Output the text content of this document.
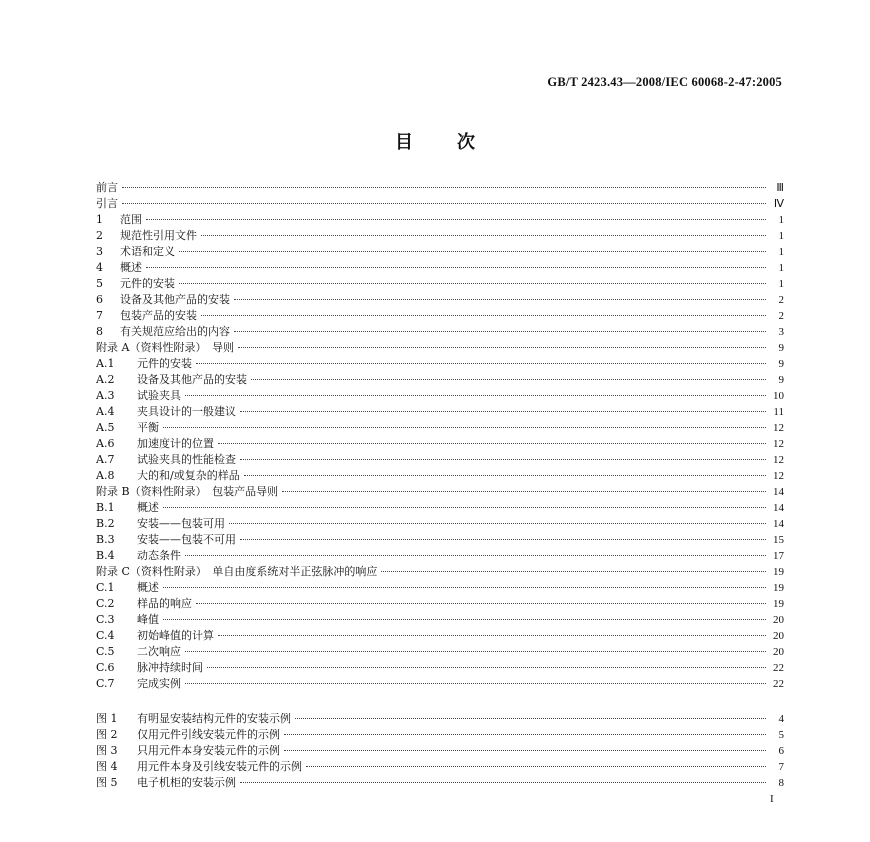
GB/T 2423.43—2008/IEC 60068-2-47:2005
目次
前言	Ⅲ
引言	Ⅳ
1	范围	1
2	规范性引用文件	1
3	术语和定义	1
4	概述	1
5	元件的安装	1
6	设备及其他产品的安装	2
7	包装产品的安装	2
8	有关规范应给出的内容	3
附录 A（资料性附录）　导则	9
A.1	元件的安装	9
A.2	设备及其他产品的安装	9
A.3	试验夹具	10
A.4	夹具设计的一般建议	11
A.5	平衡	12
A.6	加速度计的位置	12
A.7	试验夹具的性能检查	12
A.8	大的和/或复杂的样品	12
附录 B（资料性附录）　包装产品导则	14
B.1	概述	14
B.2	安装——包装可用	14
B.3	安装——包装不可用	15
B.4	动态条件	17
附录 C（资料性附录）　单自由度系统对半正弦脉冲的响应	19
C.1	概述	19
C.2	样品的响应	19
C.3	峰值	20
C.4	初始峰值的计算	20
C.5	二次响应	20
C.6	脉冲持续时间	22
C.7	完成实例	22
图 1	有明显安装结构元件的安装示例	4
图 2	仅用元件引线安装元件的示例	5
图 3	只用元件本身安装元件的示例	6
图 4	用元件本身及引线安装元件的示例	7
图 5	电子机柜的安装示例	8
I
